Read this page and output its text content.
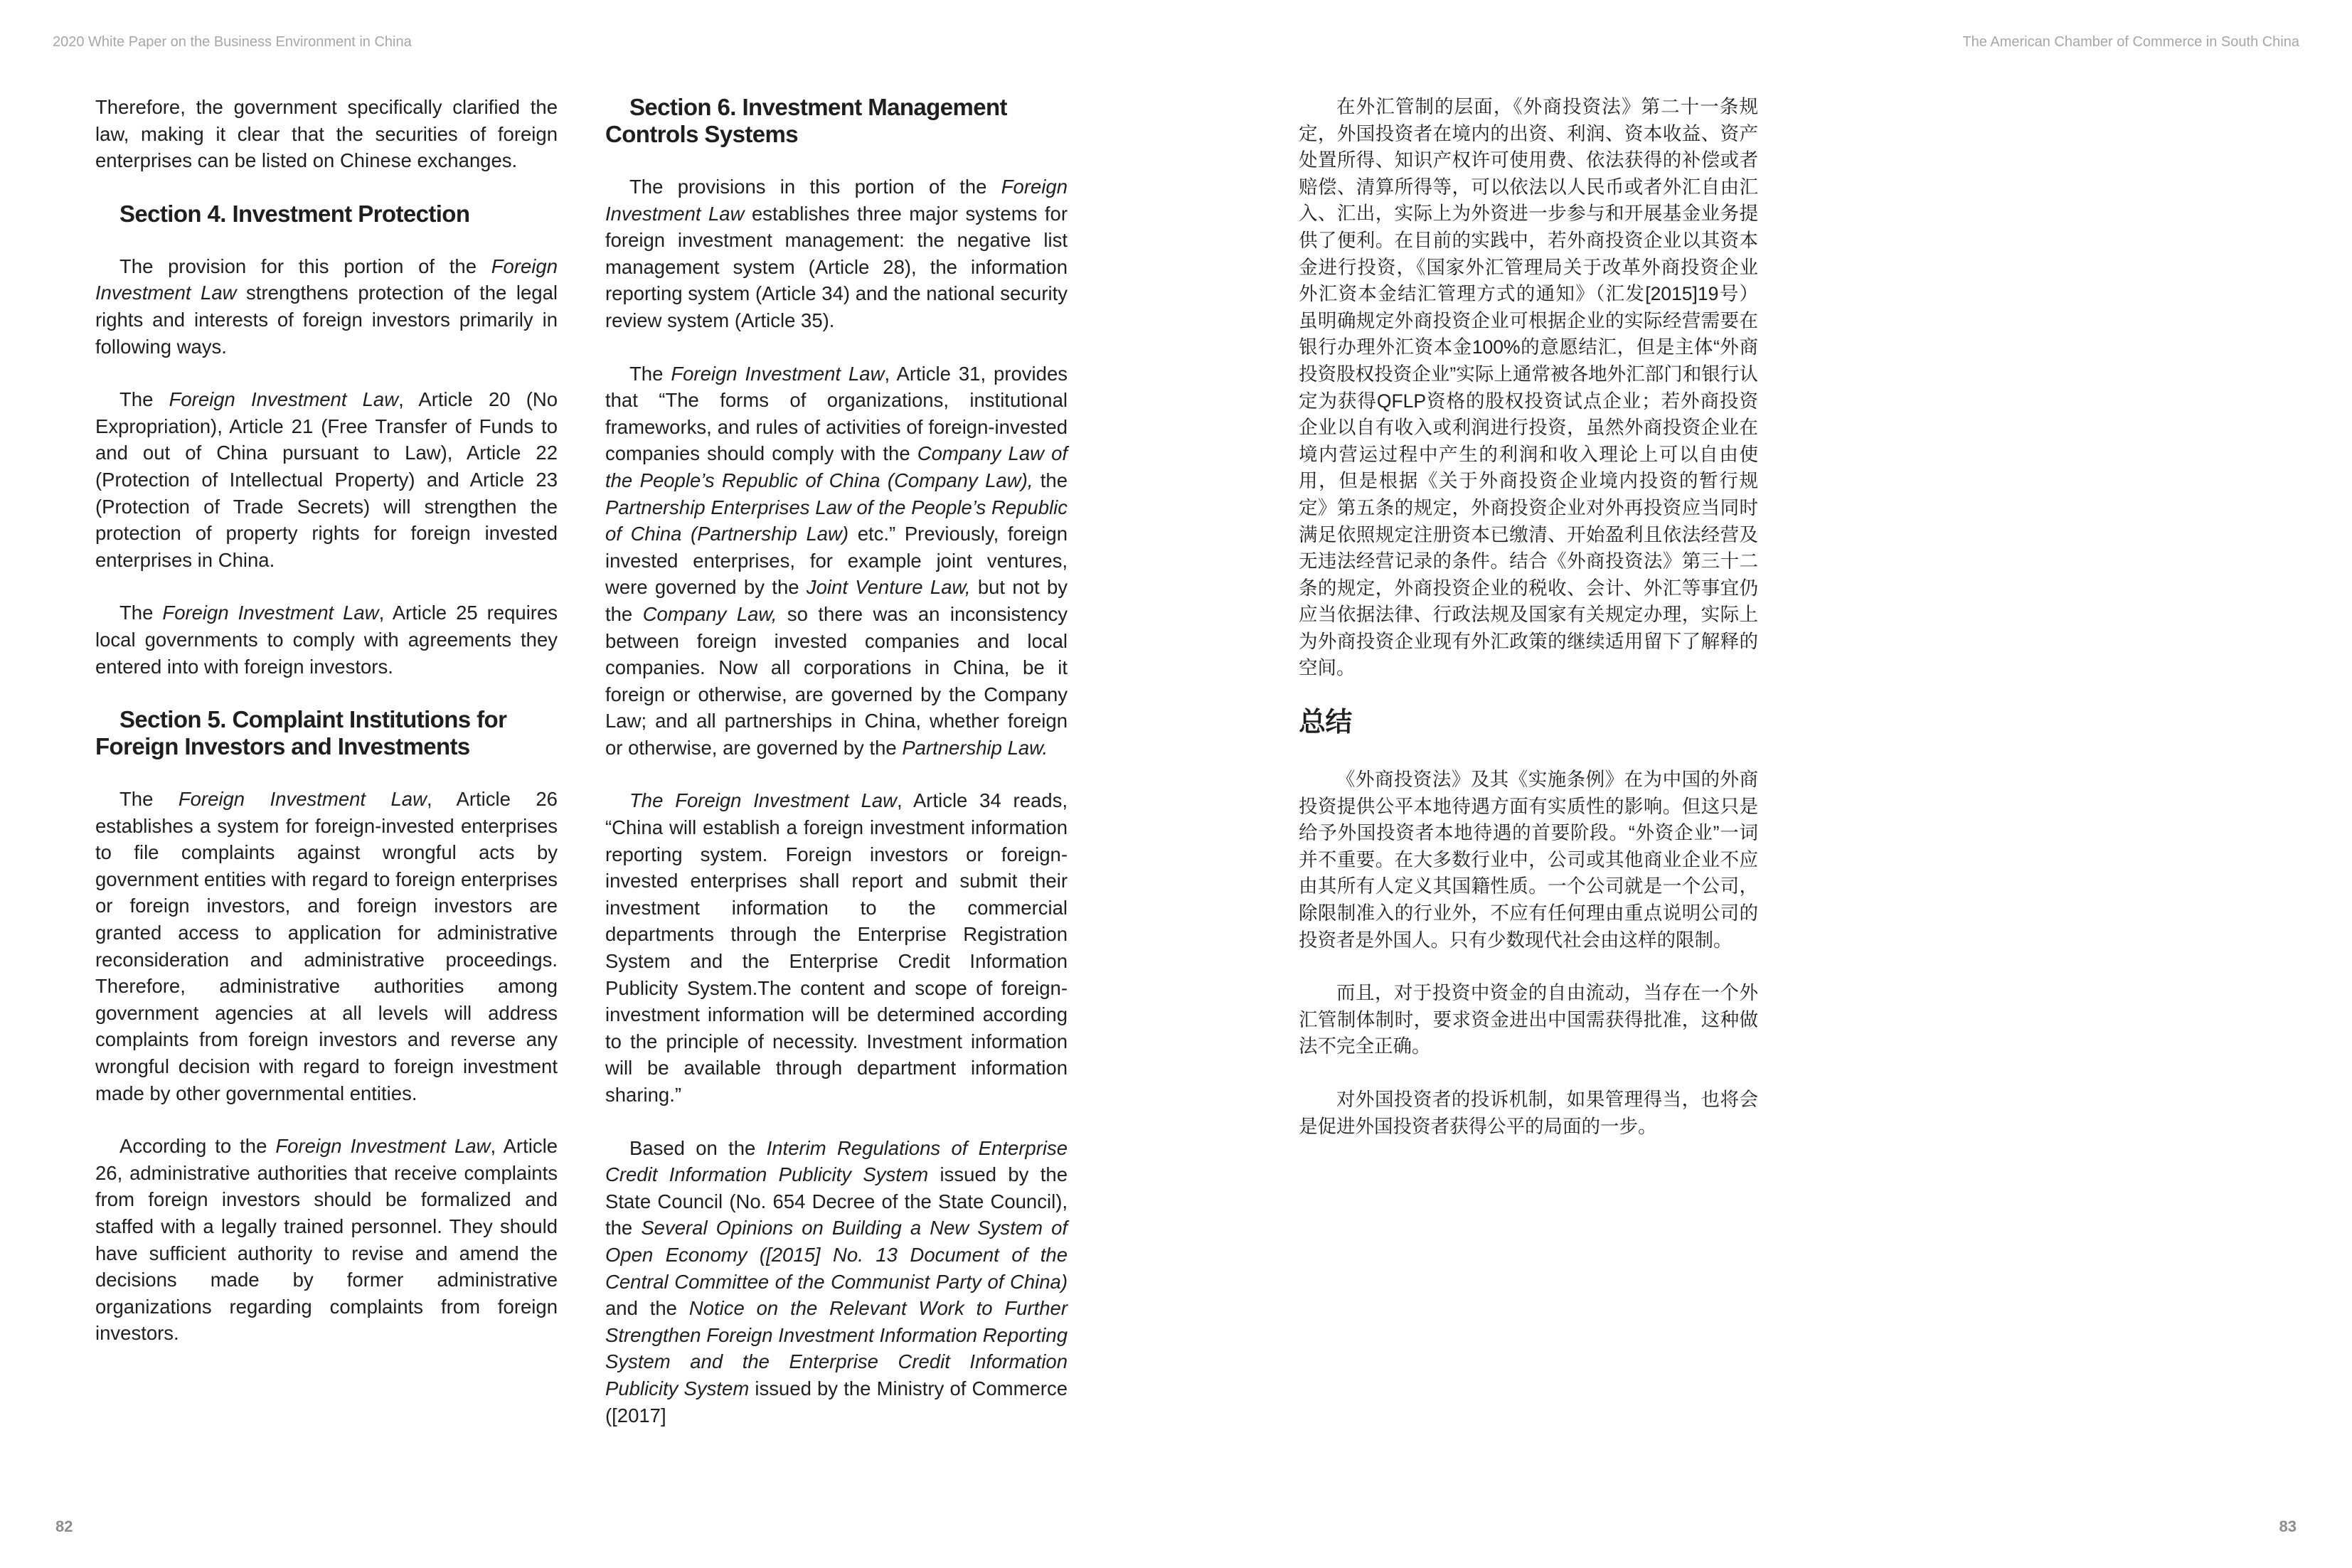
2020 White Paper on the Business Environment in China	The American Chamber of Commerce in South China

Therefore, the government specifically clarified the law, making it clear that the securities of foreign enterprises can be listed on Chinese exchanges.

Section 4. Investment Protection

The provision for this portion of the Foreign Investment Law strengthens protection of the legal rights and interests of foreign investors primarily in following ways.

The Foreign Investment Law, Article 20 (No Expropriation), Article 21 (Free Transfer of Funds to and out of China pursuant to Law), Article 22 (Protection of Intellectual Property) and Article 23 (Protection of Trade Secrets) will strengthen the protection of property rights for foreign invested enterprises in China.

The Foreign Investment Law, Article 25 requires local governments to comply with agreements they entered into with foreign investors.

Section 5. Complaint Institutions for Foreign Investors and Investments

The Foreign Investment Law, Article 26 establishes a system for foreign-invested enterprises to file complaints against wrongful acts by government entities with regard to foreign enterprises or foreign investors, and foreign investors are granted access to application for administrative reconsideration and administrative proceedings. Therefore, administrative authorities among government agencies at all levels will address complaints from foreign investors and reverse any wrongful decision with regard to foreign investment made by other governmental entities.

According to the Foreign Investment Law, Article 26, administrative authorities that receive complaints from foreign investors should be formalized and staffed with a legally trained personnel. They should have sufficient authority to revise and amend the decisions made by former administrative organizations regarding complaints from foreign investors.

Section 6. Investment Management Controls Systems

The provisions in this portion of the Foreign Investment Law establishes three major systems for foreign investment management: the negative list management system (Article 28), the information reporting system (Article 34) and the national security review system (Article 35).

The Foreign Investment Law, Article 31, provides that “The forms of organizations, institutional frameworks, and rules of activities of foreign-invested companies should comply with the Company Law of the People’s Republic of China (Company Law), the Partnership Enterprises Law of the People’s Republic of China (Partnership Law) etc.” Previously, foreign invested enterprises, for example joint ventures, were governed by the Joint Venture Law, but not by the Company Law, so there was an inconsistency between foreign invested companies and local companies. Now all corporations in China, be it foreign or otherwise, are governed by the Company Law; and all partnerships in China, whether foreign or otherwise, are governed by the Partnership Law.

The Foreign Investment Law, Article 34 reads, “China will establish a foreign investment information reporting system. Foreign investors or foreign-invested enterprises shall report and submit their investment information to the commercial departments through the Enterprise Registration System and the Enterprise Credit Information Publicity System.The content and scope of foreign-investment information will be determined according to the principle of necessity. Investment information will be available through department information sharing.”

Based on the Interim Regulations of Enterprise Credit Information Publicity System issued by the State Council (No. 654 Decree of the State Council), the Several Opinions on Building a New System of Open Economy ([2015] No. 13 Document of the Central Committee of the Communist Party of China) and the Notice on the Relevant Work to Further Strengthen Foreign Investment Information Reporting System and the Enterprise Credit Information Publicity System issued by the Ministry of Commerce ([2017]

在外汇管制的层面，《外商投资法》第二十一条规定，外国投资者在境内的出资、利润、资本收益、资产处置所得、知识产权许可使用费、依法获得的补偿或者赔偿、清算所得等，可以依法以人民币或者外汇自由汇入、汇出，实际上为外资进一步参与和开展基金业务提供了便利。在目前的实践中，若外商投资企业以其资本金进行投资，《国家外汇管理局关于改革外商投资企业外汇资本金结汇管理方式的通知》（汇发[2015]19号）虽明确规定外商投资企业可根据企业的实际经营需要在银行办理外汇资本金100%的意愿结汇，但是主体“外商投资股权投资企业”实际上通常被各地外汇部门和银行认定为获得QFLP资格的股权投资试点企业；若外商投资企业以自有收入或利润进行投资，虽然外商投资企业在境内营运过程中产生的利润和收入理论上可以自由使用，但是根据《关于外商投资企业境内投资的暂行规定》第五条的规定，外商投资企业对外再投资应当同时满足依照规定注册资本已缴清、开始盈利且依法经营及无违法经营记录的条件。结合《外商投资法》第三十二条的规定，外商投资企业的税收、会计、外汇等事宜仍应当依据法律、行政法规及国家有关规定办理，实际上为外商投资企业现有外汇政策的继续适用留下了解释的空间。

总结

《外商投资法》及其《实施条例》在为中国的外商投资提供公平本地待遇方面有实质性的影响。但这只是给予外国投资者本地待遇的首要阶段。“外资企业”一词并不重要。在大多数行业中，公司或其他商业企业不应由其所有人定义其国籍性质。一个公司就是一个公司，除限制准入的行业外，不应有任何理由重点说明公司的投资者是外国人。只有少数现代社会由这样的限制。

而且，对于投资中资金的自由流动，当存在一个外汇管制体制时，要求资金进出中国需获得批准，这种做法不完全正确。

对外国投资者的投诉机制，如果管理得当，也将会是促进外国投资者获得公平的局面的一步。

82	83
